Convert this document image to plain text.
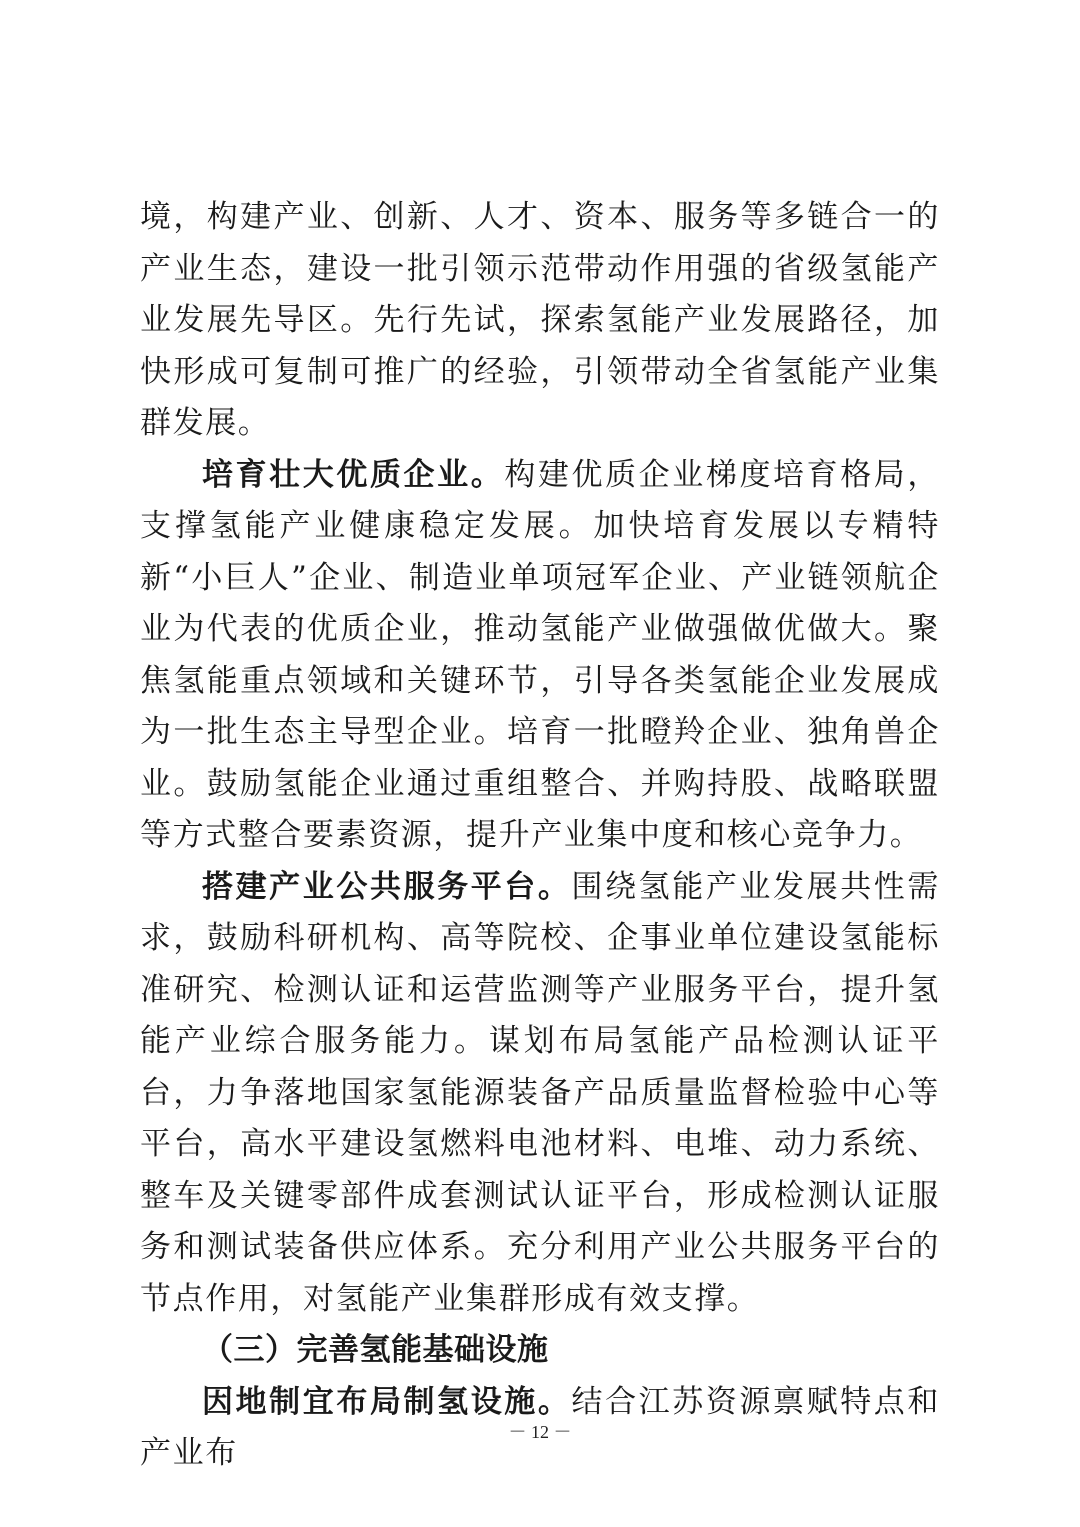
境，构建产业、创新、人才、资本、服务等多链合一的产业生态，建设一批引领示范带动作用强的省级氢能产业发展先导区。先行先试，探索氢能产业发展路径，加快形成可复制可推广的经验，引领带动全省氢能产业集群发展。

培育壮大优质企业。构建优质企业梯度培育格局，支撑氢能产业健康稳定发展。加快培育发展以专精特新“小巨人”企业、制造业单项冠军企业、产业链领航企业为代表的优质企业，推动氢能产业做强做优做大。聚焦氢能重点领域和关键环节，引导各类氢能企业发展成为一批生态主导型企业。培育一批瞪羚企业、独角兽企业。鼓励氢能企业通过重组整合、并购持股、战略联盟等方式整合要素资源，提升产业集中度和核心竞争力。

搭建产业公共服务平台。围绕氢能产业发展共性需求，鼓励科研机构、高等院校、企事业单位建设氢能标准研究、检测认证和运营监测等产业服务平台，提升氢能产业综合服务能力。谋划布局氢能产品检测认证平台，力争落地国家氢能源装备产品质量监督检验中心等平台，高水平建设氢燃料电池材料、电堆、动力系统、整车及关键零部件成套测试认证平台，形成检测认证服务和测试装备供应体系。充分利用产业公共服务平台的节点作用，对氢能产业集群形成有效支撑。

（三）完善氢能基础设施

因地制宜布局制氢设施。结合江苏资源禀赋特点和产业布

－ 12 －
